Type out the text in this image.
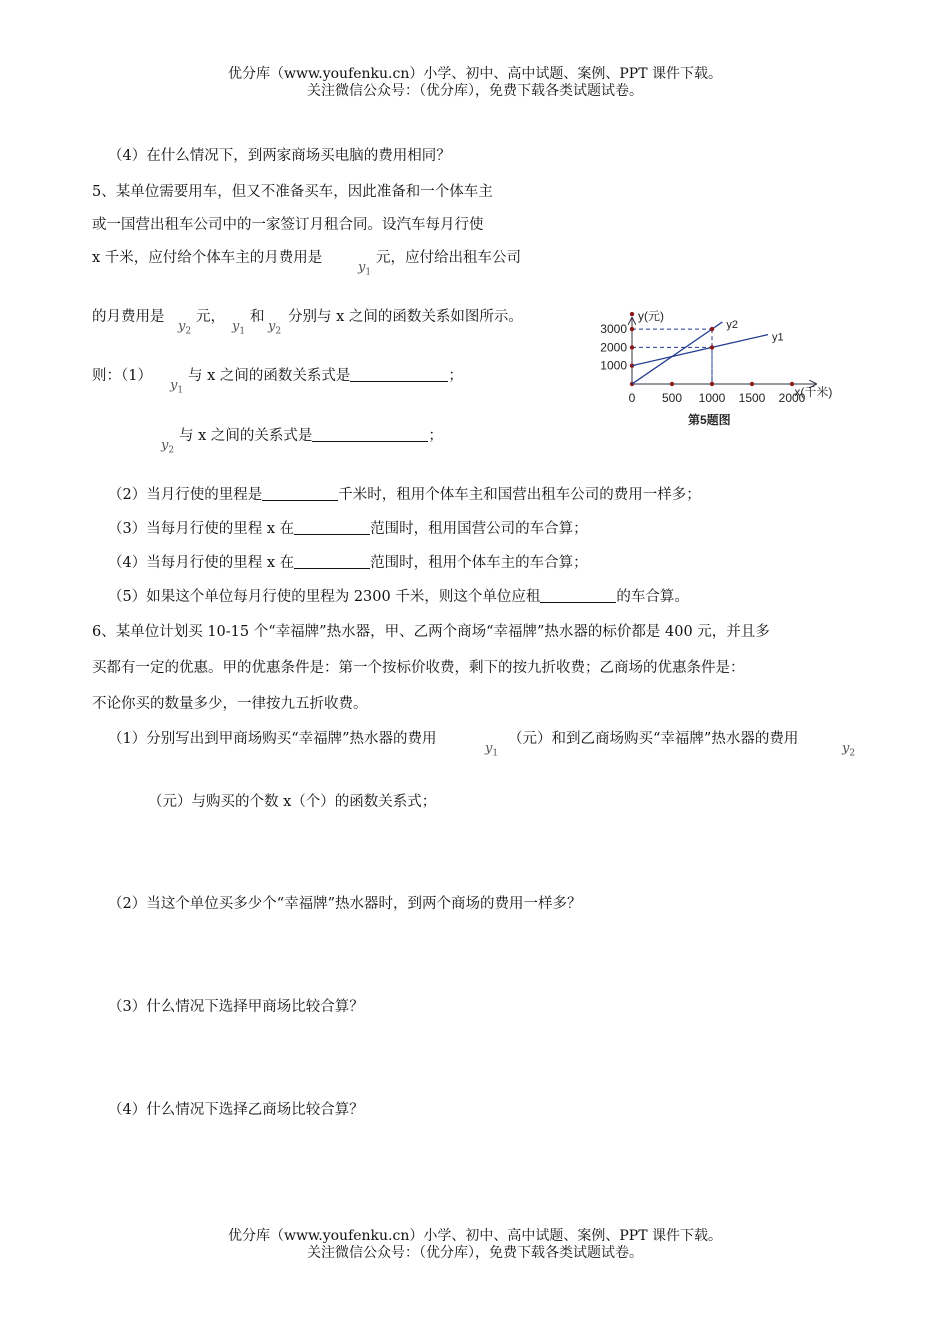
优分库（www.youfenku.cn）小学、初中、高中试题、案例、PPT 课件下载。
关注微信公众号：（优分库），免费下载各类试题试卷。
（4）在什么情况下，到两家商场买电脑的费用相同？
5、某单位需要用车，但又不准备买车，因此准备和一个体车主
或一国营出租车公司中的一家签订月租合同。设汽车每月行使
x 千米，应付给个体车主的月费用是
$y_1$
元，应付给出租车公司
的月费用是
$y_2$
元，
$y_1$
和
$y_2$
分别与 x 之间的函数关系如图所示。
则：（1）
$y_1$
与 x 之间的函数关系式是	；
$y_2$
与 x 之间的关系式是	；
0 500 1000 1500 2000
1000
2000
3000
y(元)
x(千米)
y1
y2
第5题图
（2）当月行使的里程是	千米时，租用个体车主和国营出租车公司的费用一样多；
（3）当每月行使的里程 x 在	范围时，租用国营公司的车合算；
（4）当每月行使的里程 x 在	范围时，租用个体车主的车合算；
（5）如果这个单位每月行使的里程为 2300 千米，则这个单位应租	的车合算。
6、某单位计划买 10-15 个“幸福牌”热水器，甲、乙两个商场“幸福牌”热水器的标价都是 400 元，并且多
买都有一定的优惠。甲的优惠条件是：第一个按标价收费，剩下的按九折收费；乙商场的优惠条件是：
不论你买的数量多少，一律按九五折收费。
（1）分别写出到甲商场购买“幸福牌”热水器的费用
$y_1$
（元）和到乙商场购买“幸福牌”热水器的费用
$y_2$
（元）与购买的个数 x（个）的函数关系式；
（2）当这个单位买多少个“幸福牌”热水器时，到两个商场的费用一样多？
（3）什么情况下选择甲商场比较合算？
（4）什么情况下选择乙商场比较合算？
优分库（www.youfenku.cn）小学、初中、高中试题、案例、PPT 课件下载。
关注微信公众号：（优分库），免费下载各类试题试卷。
